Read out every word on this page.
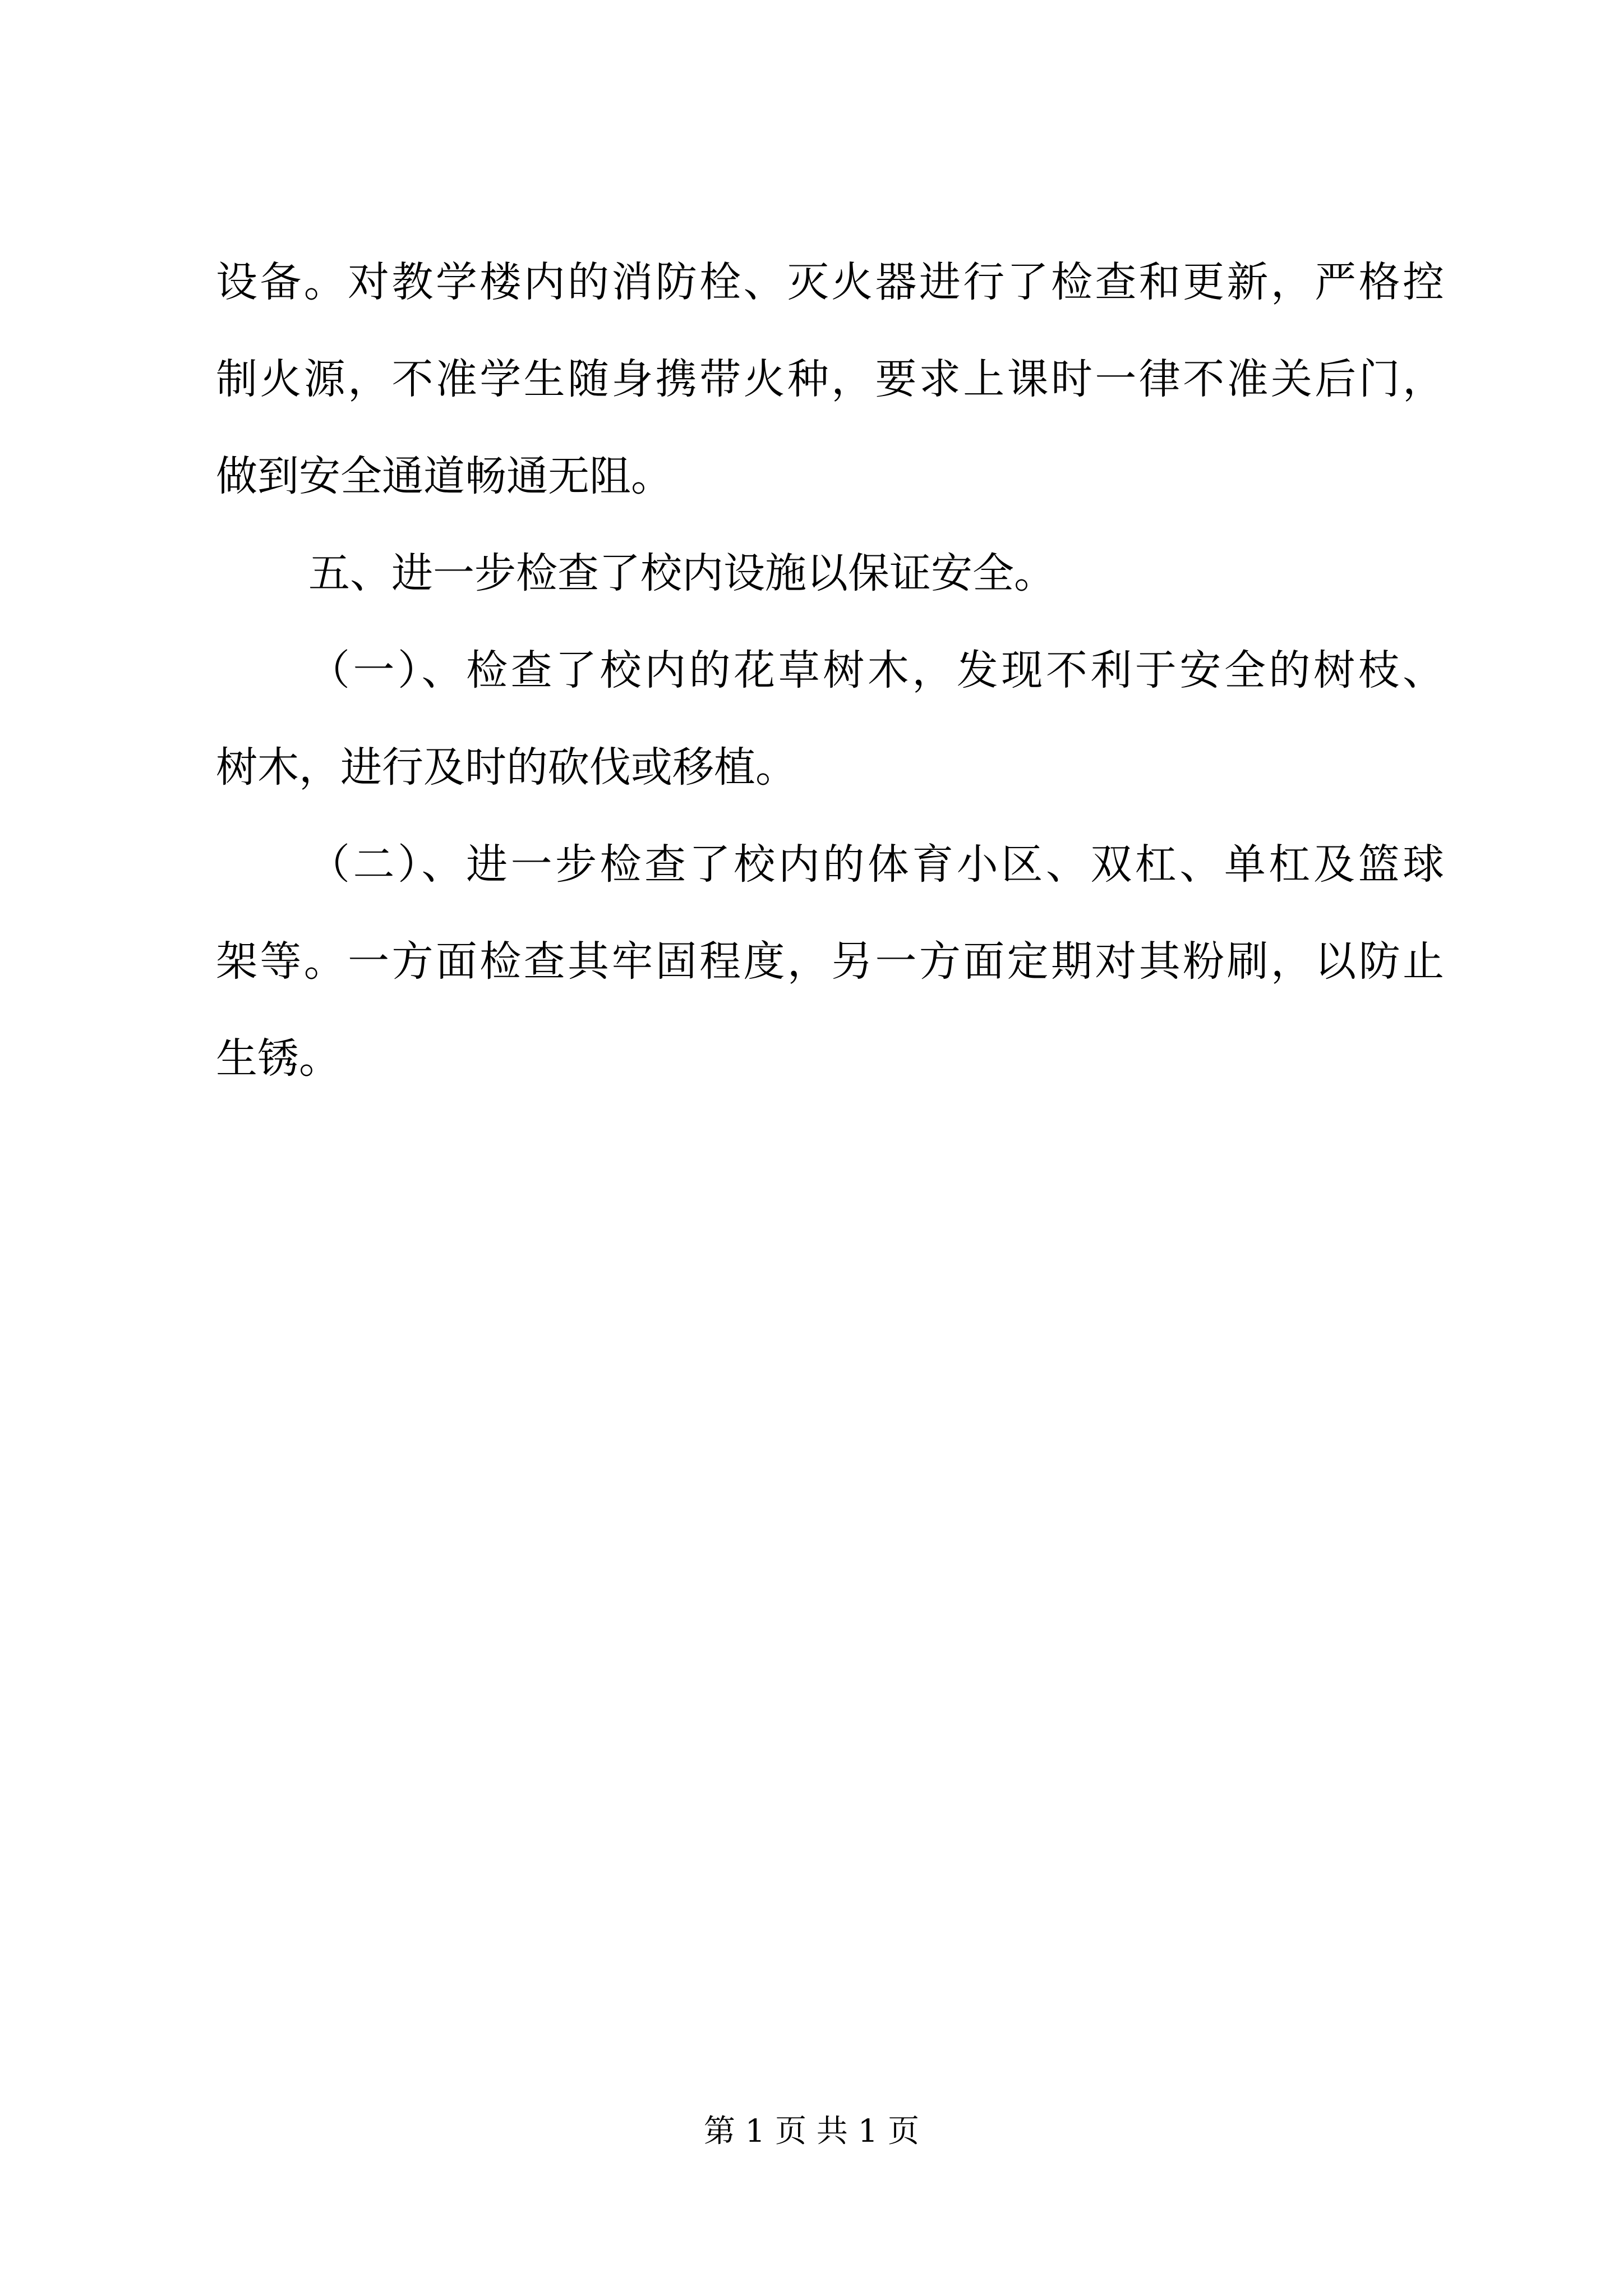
设备。对教学楼内的消防栓、灭火器进行了检查和更新，严格控
制火源，不准学生随身携带火种，要求上课时一律不准关后门，
做到安全通道畅通无阻。
五、进一步检查了校内设施以保证安全。
（一）、检查了校内的花草树木，发现不利于安全的树枝、
树木，进行及时的砍伐或移植。
（二）、进一步检查了校内的体育小区、双杠、单杠及篮球
架等。一方面检查其牢固程度，另一方面定期对其粉刷，以防止
生锈。
第 1 页 共 1 页
